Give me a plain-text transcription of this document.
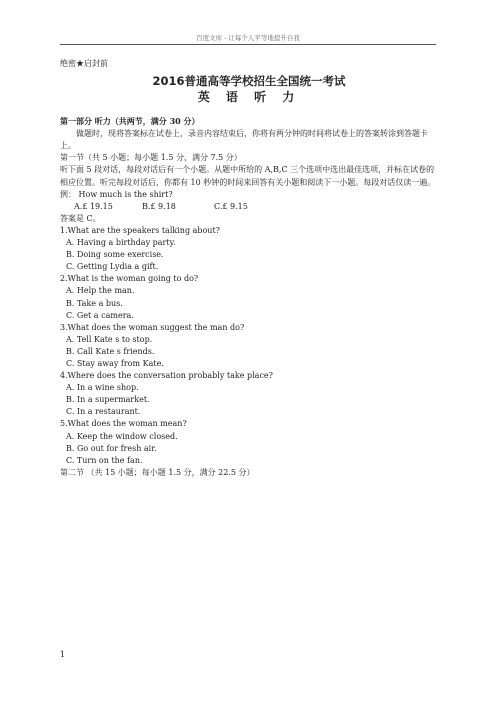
百度文库 - 让每个人平等地提升自我
绝密★启封前
2016普通高等学校招生全国统一考试
英 语 听 力
第一部分 听力（共两节，满分 30 分）
做题时，现将答案标在试卷上，录音内容结束后，你将有两分钟的时间将试卷上的答案转涂到答题卡上。
第一节（共 5 小题；每小题 1.5 分，满分 7.5 分）
听下面 5 段对话，每段对话后有一个小题。从题中所给的 A,B,C 三个选项中选出最佳选项，并标在试卷的相应位置。听完每段对话后，你都有 10 秒钟的时间来回答有关小题和阅读下一小题。每段对话仅读一遍。
例： How much is the shirt?
A.£ 19.15	B.£ 9.18	C.£ 9.15
答案是 C。
1.What are the speakers talking about?
A. Having a birthday party.
B. Doing some exercise.
C. Getting Lydia a gift.
2.What is the woman going to do?
A. Help the man.
B. Take a bus.
C. Get a camera.
3.What does the woman suggest the man do?
A. Tell Kate s to stop.
B. Call Kate s friends.
C. Stay away from Kate.
4.Where does the conversation probably take place?
A. In a wine shop.
B. In a supermarket.
C. In a restaurant.
5.What does the woman mean?
A. Keep the window closed.
B. Go out for fresh air.
C. Turn on the fan.
第二节 （共 15 小题；每小题 1.5 分，满分 22.5 分）
1
